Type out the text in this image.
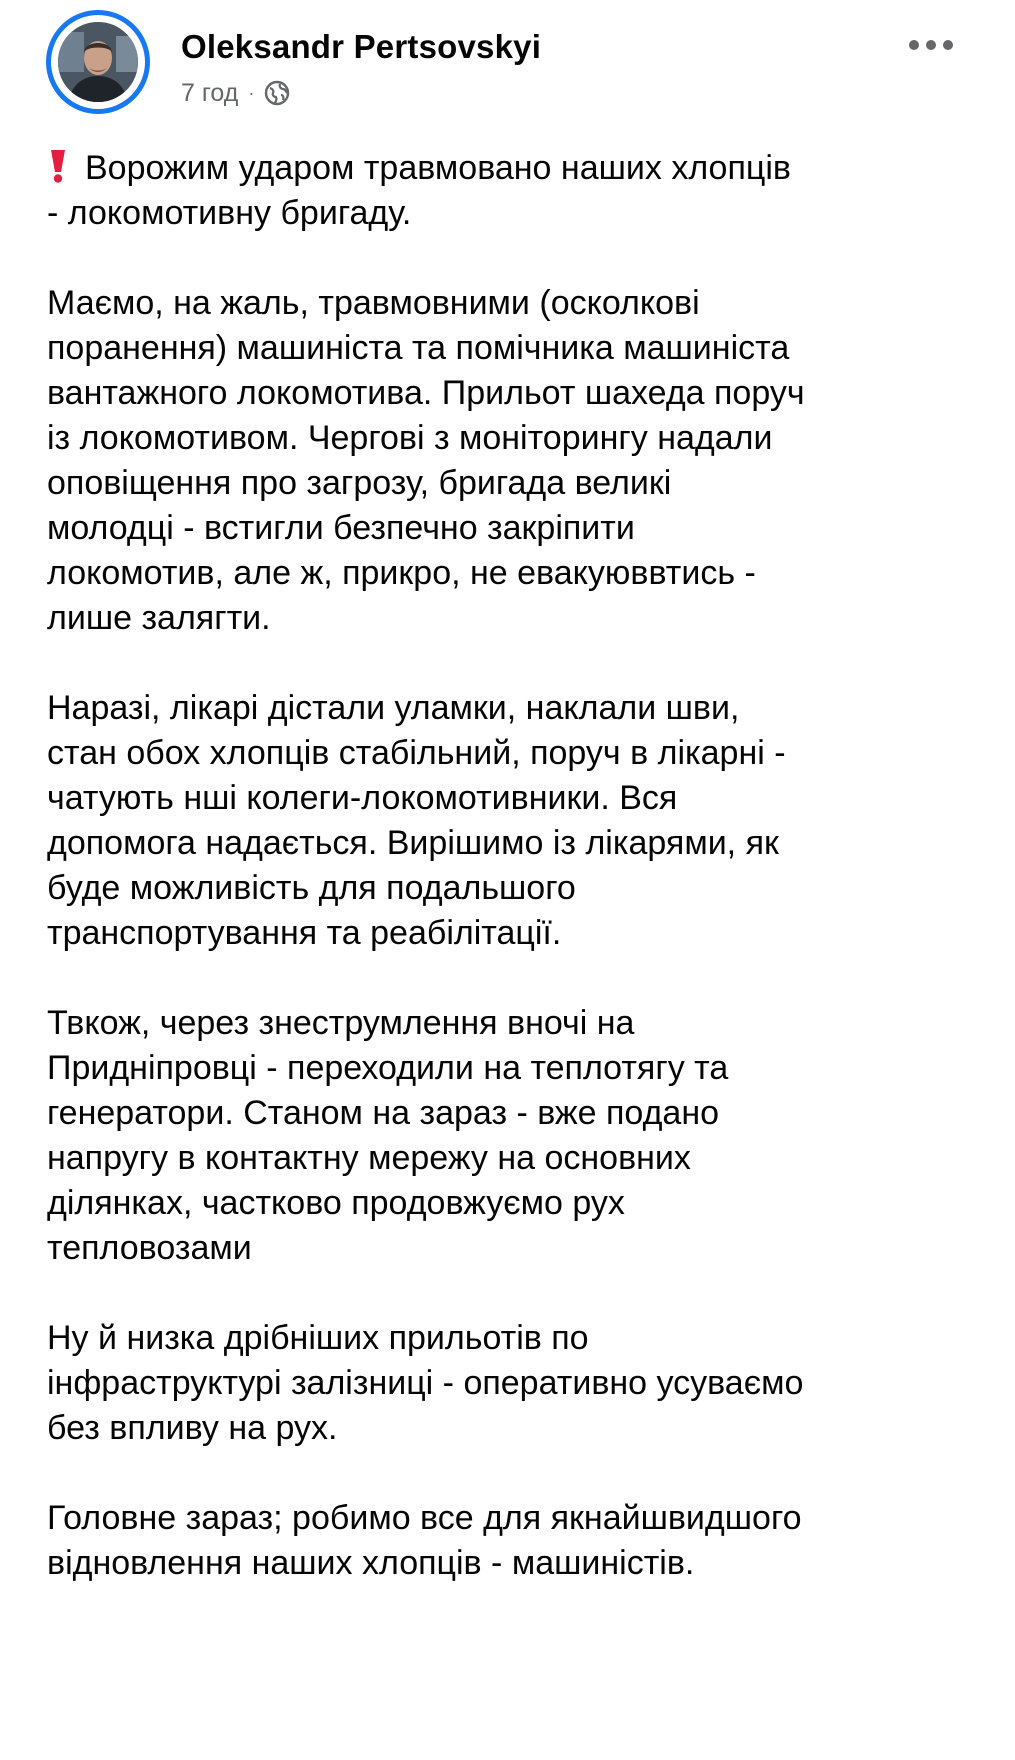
Oleksandr Pertsovskyi
7 год ·

Ворожим ударом травмовано наших хлопців
- локомотивну бригаду.

Маємо, на жаль, травмовними (осколкові
поранення) машиніста та помічника машиніста
вантажного локомотива. Прильот шахеда поруч
із локомотивом. Чергові з моніторингу надали
оповіщення про загрозу, бригада великі
молодці - встигли безпечно закріпити
локомотив, але ж, прикро, не евакуюввтись -
лише залягти.

Наразі, лікарі дістали уламки, наклали шви,
стан обох хлопців стабільний, поруч в лікарні -
чатують нші колеги-локомотивники. Вся
допомога надається. Вирішимо із лікарями, як
буде можливість для подальшого
транспортування та реабілітації.

Твкож, через знеструмлення вночі на
Придніпровці - переходили на теплотягу та
генератори. Станом на зараз - вже подано
напругу в контактну мережу на основних
ділянках, частково продовжуємо рух
тепловозами

Ну й низка дрібніших прильотів по
інфраструктурі залізниці - оперативно усуваємо
без впливу на рух.

Головне зараз; робимо все для якнайшвидшого
відновлення наших хлопців - машиністів.
